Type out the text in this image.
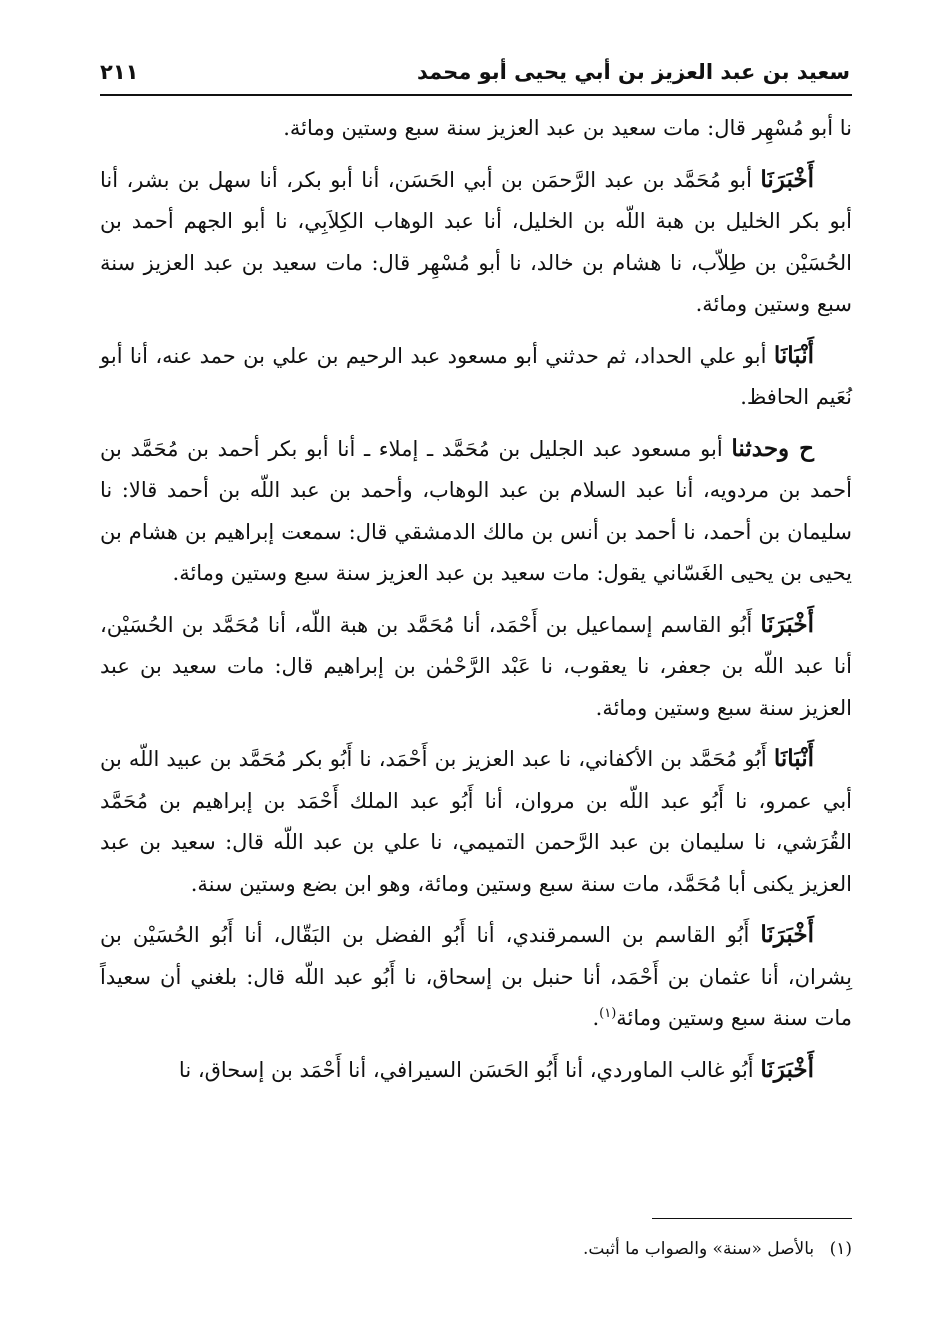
سعيد بن عبد العزيز بن أبي يحيى أبو محمد
٢١١

نا أبو مُسْهِر قال: مات سعيد بن عبد العزيز سنة سبع وستين ومائة.

أَخْبَرَنَا أبو مُحَمَّد بن عبد الرَّحمَن بن أبي الحَسَن، أنا أبو بكر، أنا سهل بن بشر، أنا أبو بكر الخليل بن هبة اللّه بن الخليل، أنا عبد الوهاب الكِلاَبِي، نا أبو الجهم أحمد بن الحُسَيْن بن طِلاّب، نا هشام بن خالد، نا أبو مُسْهِر قال: مات سعيد بن عبد العزيز سنة سبع وستين ومائة.

أَنْبَانَا أبو علي الحداد، ثم حدثني أبو مسعود عبد الرحيم بن علي بن حمد عنه، أنا أبو نُعَيم الحافظ.

ح وحدثنا أبو مسعود عبد الجليل بن مُحَمَّد ـ إملاء ـ أنا أبو بكر أحمد بن مُحَمَّد بن أحمد بن مردويه، أنا عبد السلام بن عبد الوهاب، وأحمد بن عبد اللّه بن أحمد قالا: نا سليمان بن أحمد، نا أحمد بن أنس بن مالك الدمشقي قال: سمعت إبراهيم بن هشام بن يحيى بن يحيى الغَسّاني يقول: مات سعيد بن عبد العزيز سنة سبع وستين ومائة.

أَخْبَرَنَا أَبُو القاسم إسماعيل بن أَحْمَد، أنا مُحَمَّد بن هبة اللّه، أنا مُحَمَّد بن الحُسَيْن، أنا عبد اللّه بن جعفر، نا يعقوب، نا عَبْد الرَّحْمٰن بن إبراهيم قال: مات سعيد بن عبد العزيز سنة سبع وستين ومائة.

أَنْبَانَا أَبُو مُحَمَّد بن الأكفاني، نا عبد العزيز بن أَحْمَد، نا أَبُو بكر مُحَمَّد بن عبيد اللّه بن أبي عمرو، نا أَبُو عبد اللّه بن مروان، أنا أَبُو عبد الملك أَحْمَد بن إبراهيم بن مُحَمَّد القُرَشي، نا سليمان بن عبد الرَّحمن التميمي، نا علي بن عبد اللّه قال: سعيد بن عبد العزيز يكنى أبا مُحَمَّد، مات سنة سبع وستين ومائة، وهو ابن بضع وستين سنة.

أَخْبَرَنَا أَبُو القاسم بن السمرقندي، أنا أَبُو الفضل بن البَقّال، أنا أَبُو الحُسَيْن بن بِشران، أنا عثمان بن أَحْمَد، أنا حنبل بن إسحاق، نا أَبُو عبد اللّه قال: بلغني أن سعيداً مات سنة سبع وستين ومائة$^{(١)}$.

أَخْبَرَنَا أَبُو غالب الماوردي، أنا أَبُو الحَسَن السيرافي، أنا أَحْمَد بن إسحاق، نا

(١) بالأصل «سنة» والصواب ما أثبت.
